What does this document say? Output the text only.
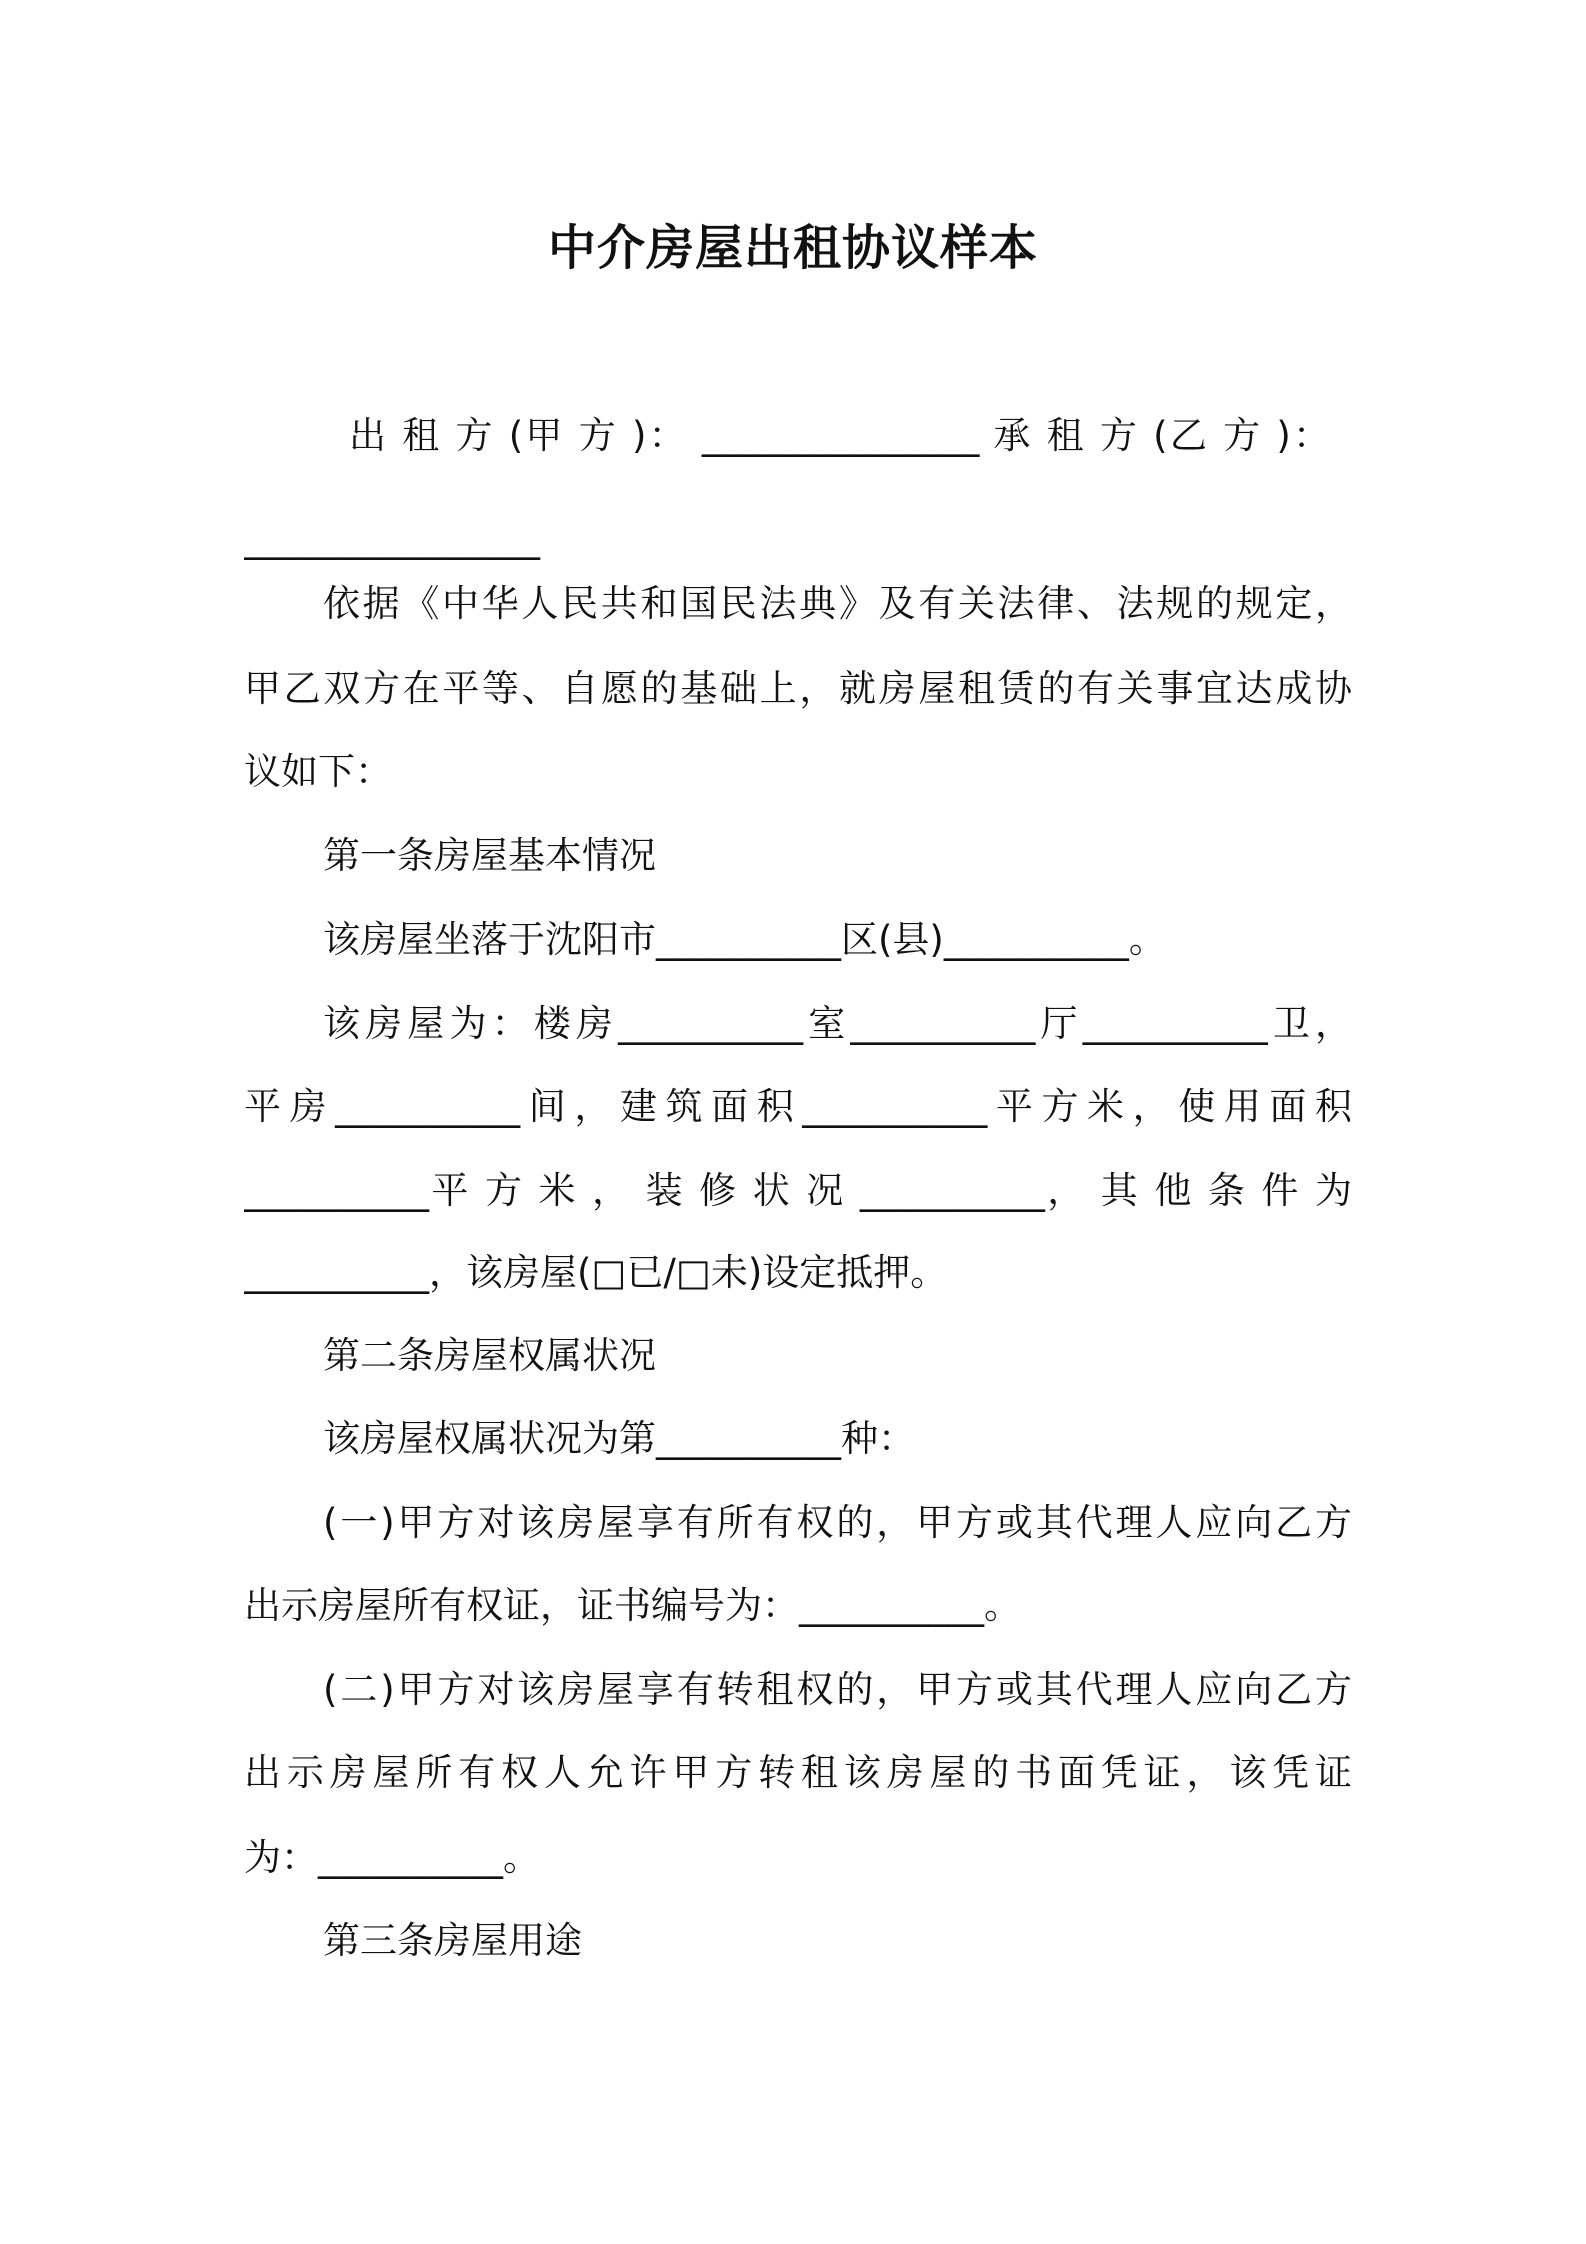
中介房屋出租协议样本
出 租 方 (甲 方 )： _______________ 承 租 方 (乙 方 )：
________________
依据《中华人民共和国民法典》及有关法律、法规的规定，
甲乙双方在平等、自愿的基础上，就房屋租赁的有关事宜达成协
议如下：
第一条房屋基本情况
该房屋坐落于沈阳市__________区(县)__________。
该房屋为：楼房__________室__________厅__________卫，
平房__________间，建筑面积__________平方米，使用面积
__________平 方 米 ， 装 修 状 况 __________， 其 他 条 件 为
__________，该房屋(□已/□未)设定抵押。
第二条房屋权属状况
该房屋权属状况为第__________种：
(一)甲方对该房屋享有所有权的，甲方或其代理人应向乙方
出示房屋所有权证，证书编号为：__________。
(二)甲方对该房屋享有转租权的，甲方或其代理人应向乙方
出示房屋所有权人允许甲方转租该房屋的书面凭证，该凭证
为：__________。
第三条房屋用途
